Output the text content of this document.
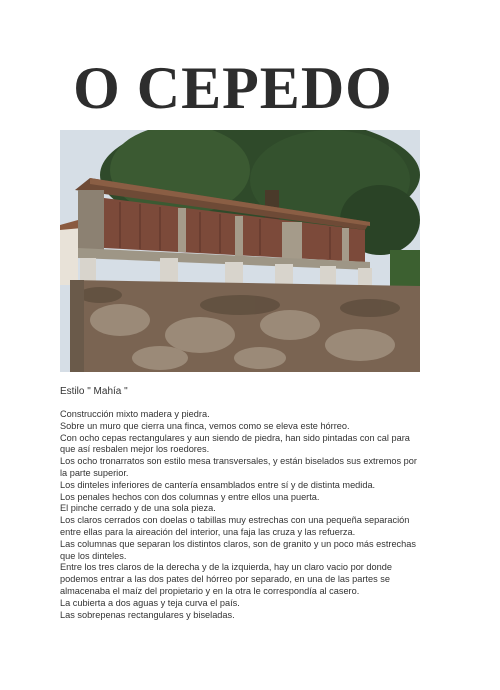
O CEPEDO
Estilo " Mahía "

Construcción mixto madera y piedra.

Sobre un muro que cierra una finca, vemos como se eleva este hórreo.

Con ocho cepas rectangulares y aun siendo de piedra, han sido pintadas con cal para que así resbalen mejor los roedores.

Los ocho tronarratos son estilo mesa transversales, y están biselados sus extremos por la parte superior.

Los dinteles inferiores de cantería ensamblados entre sí y de distinta medida.

Los penales hechos con dos columnas y entre ellos una puerta.

El pinche cerrado y de una sola pieza.

Los claros cerrados con doelas o tabillas muy estrechas con una pequeña separación entre ellas para la aireación del interior, una faja las cruza y las refuerza.

Las columnas que separan los distintos claros, son de granito y un poco más estrechas que los dinteles.

Entre los tres claros de la derecha y de la izquierda, hay un claro vacio por donde podemos entrar a las dos pates del hórreo por separado, en una de las partes se almacenaba el maíz del propietario y en la otra le correspondía al casero.

La cubierta a dos aguas y teja curva el país.

Las sobrepenas rectangulares y biseladas.
